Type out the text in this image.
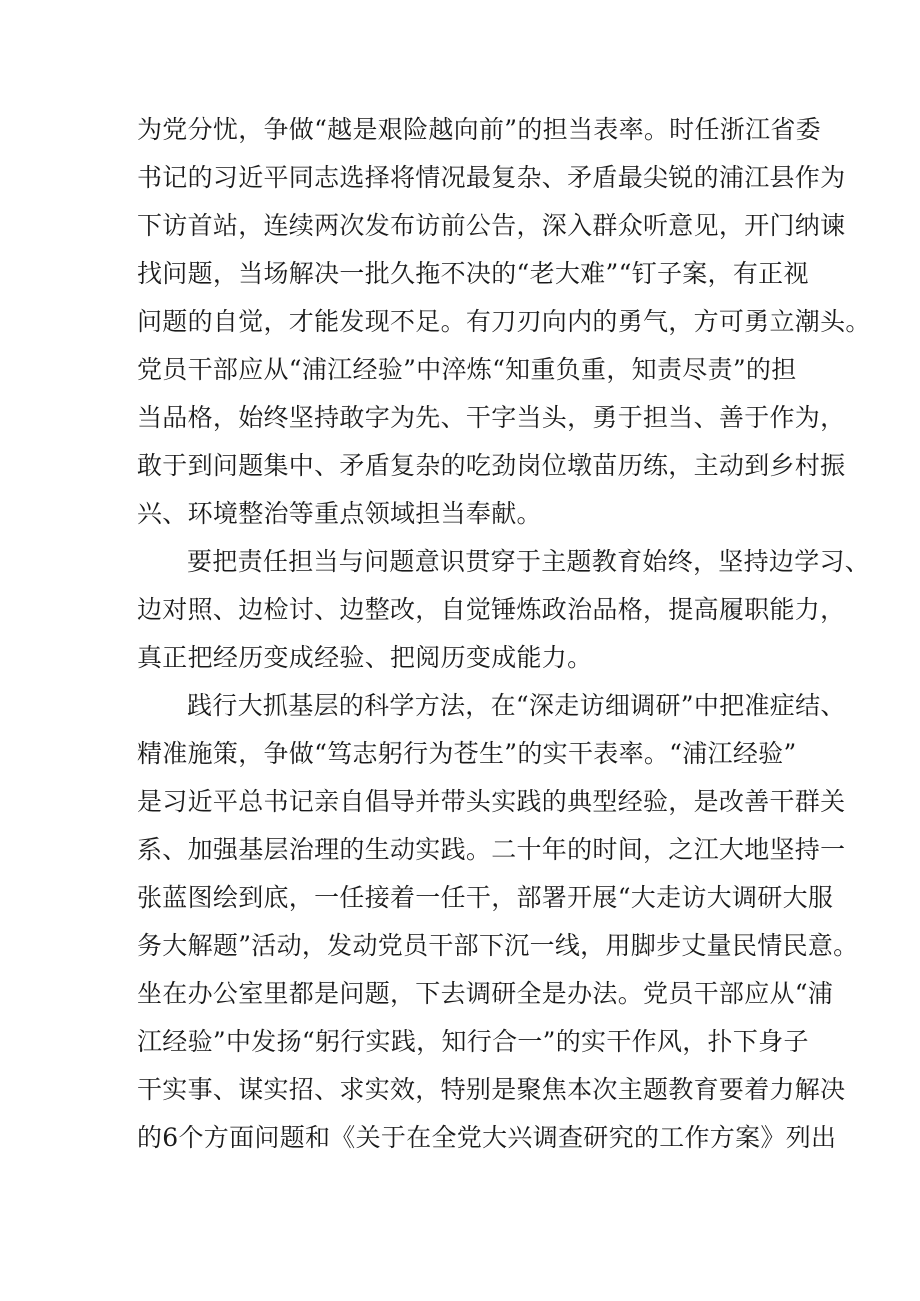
为党分忧，争做“越是艰险越向前”的担当表率。时任浙江省委
书记的习近平同志选择将情况最复杂、矛盾最尖锐的浦江县作为
下访首站，连续两次发布访前公告，深入群众听意见，开门纳谏
找问题，当场解决一批久拖不决的“老大难”“钉子案，有正视
问题的自觉，才能发现不足。有刀刃向内的勇气，方可勇立潮头。
党员干部应从“浦江经验”中淬炼“知重负重，知责尽责”的担
当品格，始终坚持敢字为先、干字当头，勇于担当、善于作为，
敢于到问题集中、矛盾复杂的吃劲岗位墩苗历练，主动到乡村振
兴、环境整治等重点领域担当奉献。
要把责任担当与问题意识贯穿于主题教育始终，坚持边学习、
边对照、边检讨、边整改，自觉锤炼政治品格，提高履职能力，
真正把经历变成经验、把阅历变成能力。
践行大抓基层的科学方法，在“深走访细调研”中把准症结、
精准施策，争做“笃志躬行为苍生”的实干表率。“浦江经验”
是习近平总书记亲自倡导并带头实践的典型经验，是改善干群关
系、加强基层治理的生动实践。二十年的时间，之江大地坚持一
张蓝图绘到底，一任接着一任干，部署开展“大走访大调研大服
务大解题”活动，发动党员干部下沉一线，用脚步丈量民情民意。
坐在办公室里都是问题，下去调研全是办法。党员干部应从“浦
江经验”中发扬“躬行实践，知行合一”的实干作风，扑下身子
干实事、谋实招、求实效，特别是聚焦本次主题教育要着力解决
的6个方面问题和《关于在全党大兴调查研究的工作方案》列出
